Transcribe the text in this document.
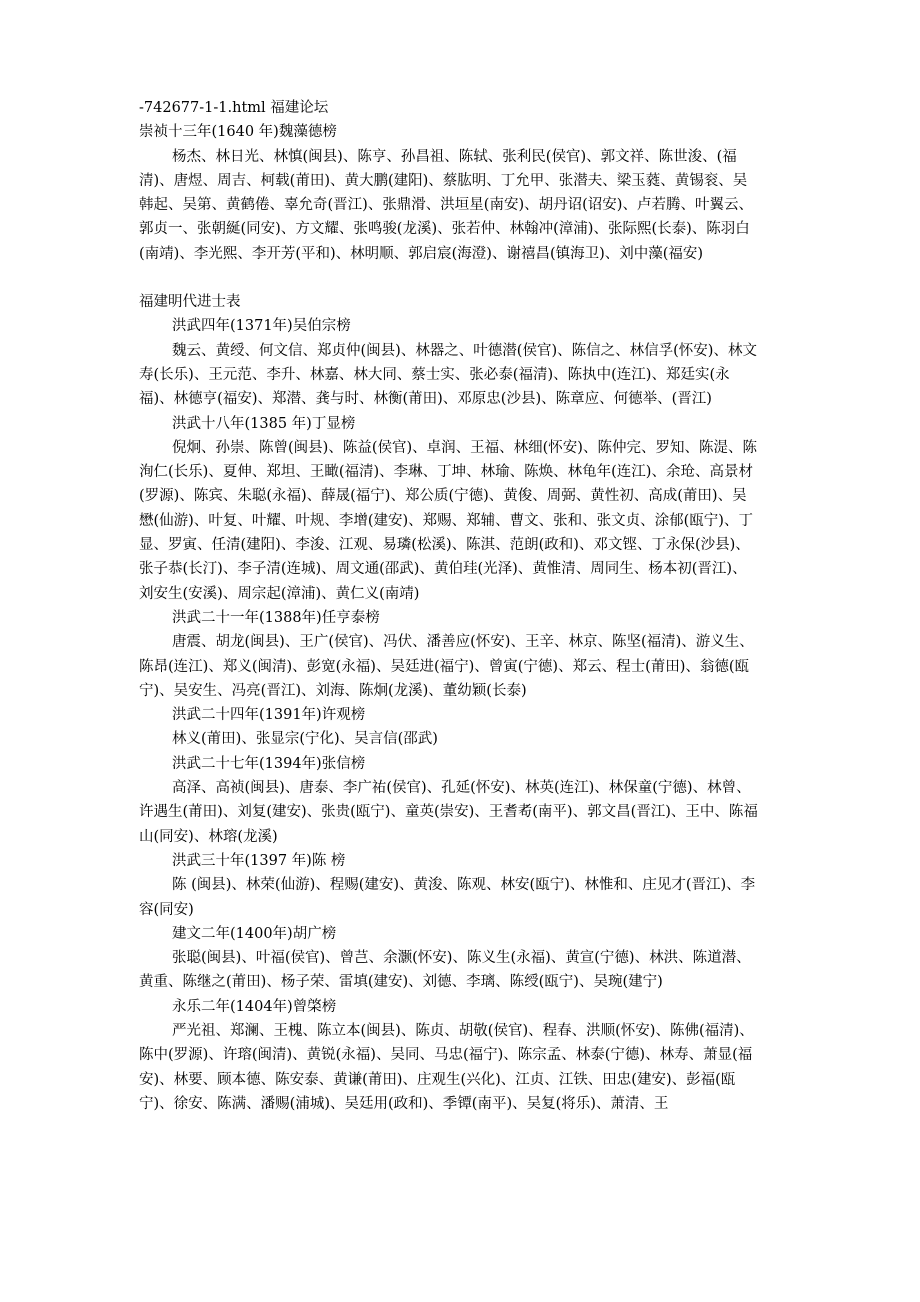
-742677-1-1.html 福建论坛

崇祯十三年(1640 年)魏藻德榜

杨杰、林日光、林慎(闽县)、陈亨、孙昌祖、陈轼、张利民(侯官)、郭文祥、陈世浚、(福清)、唐煜、周吉、柯载(莆田)、黄大鹏(建阳)、蔡肱明、丁允甲、张潜夫、梁玉蕤、黄锡衮、吴韩起、吴第、黄鹤倦、辜允奇(晋江)、张鼎滑、洪垣星(南安)、胡丹诏(诏安)、卢若腾、叶翼云、郭贞一、张朝綖(同安)、方文耀、张鸣骏(龙溪)、张若仲、林翰冲(漳浦)、张际熙(长泰)、陈羽白(南靖)、李光熙、李开芳(平和)、林明顺、郭启宸(海澄)、谢禧昌(镇海卫)、刘中藻(福安)

福建明代进士表

洪武四年(1371年)吴伯宗榜

魏云、黄绶、何文信、郑贞仲(闽县)、林器之、叶德潜(侯官)、陈信之、林信孚(怀安)、林文寿(长乐)、王元范、李升、林嘉、林大同、蔡士实、张必泰(福清)、陈执中(连江)、郑廷实(永福)、林德亨(福安)、郑潜、龚与时、林衡(莆田)、邓原忠(沙县)、陈章应、何德举、(晋江)

洪武十八年(1385 年)丁显榜

倪炯、孙崇、陈曾(闽县)、陈益(侯官)、卓润、王福、林细(怀安)、陈仲完、罗知、陈湜、陈洵仁(长乐)、夏伸、郑坦、王瞰(福清)、李琳、丁坤、林瑜、陈焕、林龟年(连江)、余玱、高景材(罗源)、陈宾、朱聪(永福)、薛晟(福宁)、郑公质(宁德)、黄俊、周弼、黄性初、高成(莆田)、吴懋(仙游)、叶复、叶耀、叶规、李增(建安)、郑赐、郑辅、曹文、张和、张文贞、涂郁(瓯宁)、丁显、罗寅、任清(建阳)、李浚、江观、易璘(松溪)、陈淇、范朗(政和)、邓文铿、丁永保(沙县)、张子恭(长汀)、李子清(连城)、周文通(邵武)、黄伯珪(光泽)、黄惟清、周同生、杨本初(晋江)、刘安生(安溪)、周宗起(漳浦)、黄仁义(南靖)

洪武二十一年(1388年)任亨泰榜

唐震、胡龙(闽县)、王广(侯官)、冯伏、潘善应(怀安)、王辛、林京、陈坚(福清)、游义生、陈昂(连江)、郑义(闽清)、彭宽(永福)、吴廷进(福宁)、曾寅(宁德)、郑云、程士(莆田)、翁德(瓯宁)、吴安生、冯亮(晋江)、刘海、陈炯(龙溪)、董幼颖(长泰)

洪武二十四年(1391年)许观榜

林义(莆田)、张显宗(宁化)、吴言信(邵武)

洪武二十七年(1394年)张信榜

高泽、高祯(闽县)、唐泰、李广祐(侯官)、孔延(怀安)、林英(连江)、林保童(宁德)、林曾、许遇生(莆田)、刘复(建安)、张贵(瓯宁)、童英(崇安)、王耆耇(南平)、郭文昌(晋江)、王中、陈福山(同安)、林瑢(龙溪)

洪武三十年(1397 年)陈 榜

陈 (闽县)、林荣(仙游)、程赐(建安)、黄浚、陈观、林安(瓯宁)、林惟和、庄见才(晋江)、李容(同安)

建文二年(1400年)胡广榜

张聪(闽县)、叶福(侯官)、曾芑、余灏(怀安)、陈义生(永福)、黄宣(宁德)、林洪、陈道潜、黄重、陈继之(莆田)、杨子荣、雷填(建安)、刘德、李璃、陈绶(瓯宁)、吴琬(建宁)

永乐二年(1404年)曾棨榜

严光祖、郑澜、王槐、陈立本(闽县)、陈贞、胡敬(侯官)、程春、洪顺(怀安)、陈佛(福清)、陈中(罗源)、许瑢(闽清)、黄锐(永福)、吴同、马忠(福宁)、陈宗孟、林泰(宁德)、林寿、萧显(福安)、林要、顾本德、陈安泰、黄谦(莆田)、庄观生(兴化)、江贞、江铁、田忠(建安)、彭福(瓯宁)、徐安、陈满、潘赐(浦城)、吴廷用(政和)、季镡(南平)、吴复(将乐)、萧清、王
